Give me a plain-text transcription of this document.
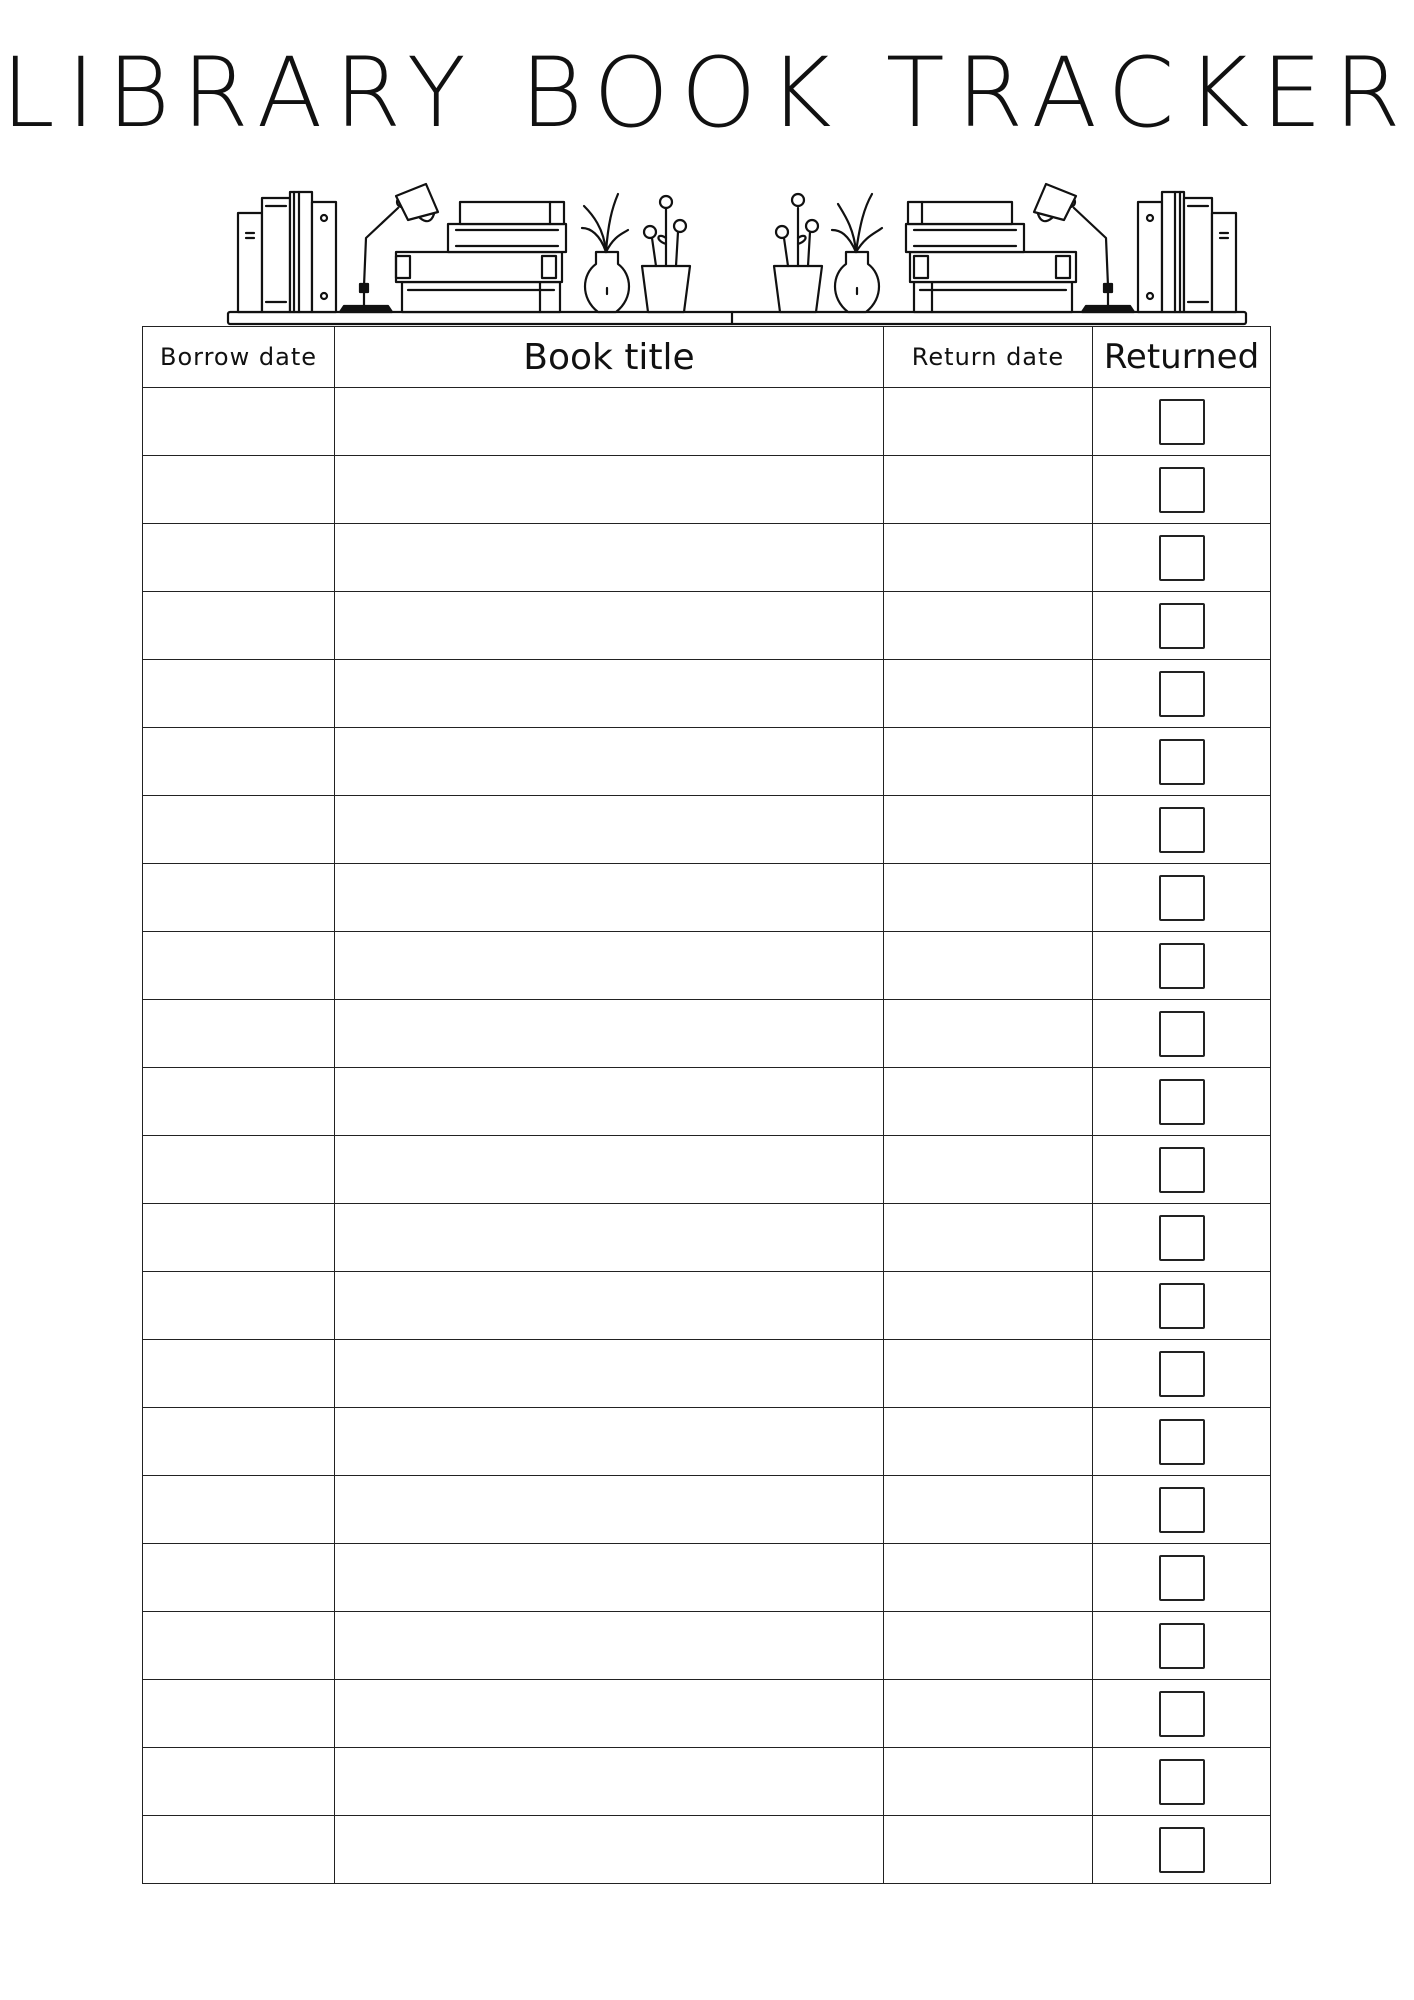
LIBRARY BOOK TRACKER
Borrow date	Book title	Return date	Returned
